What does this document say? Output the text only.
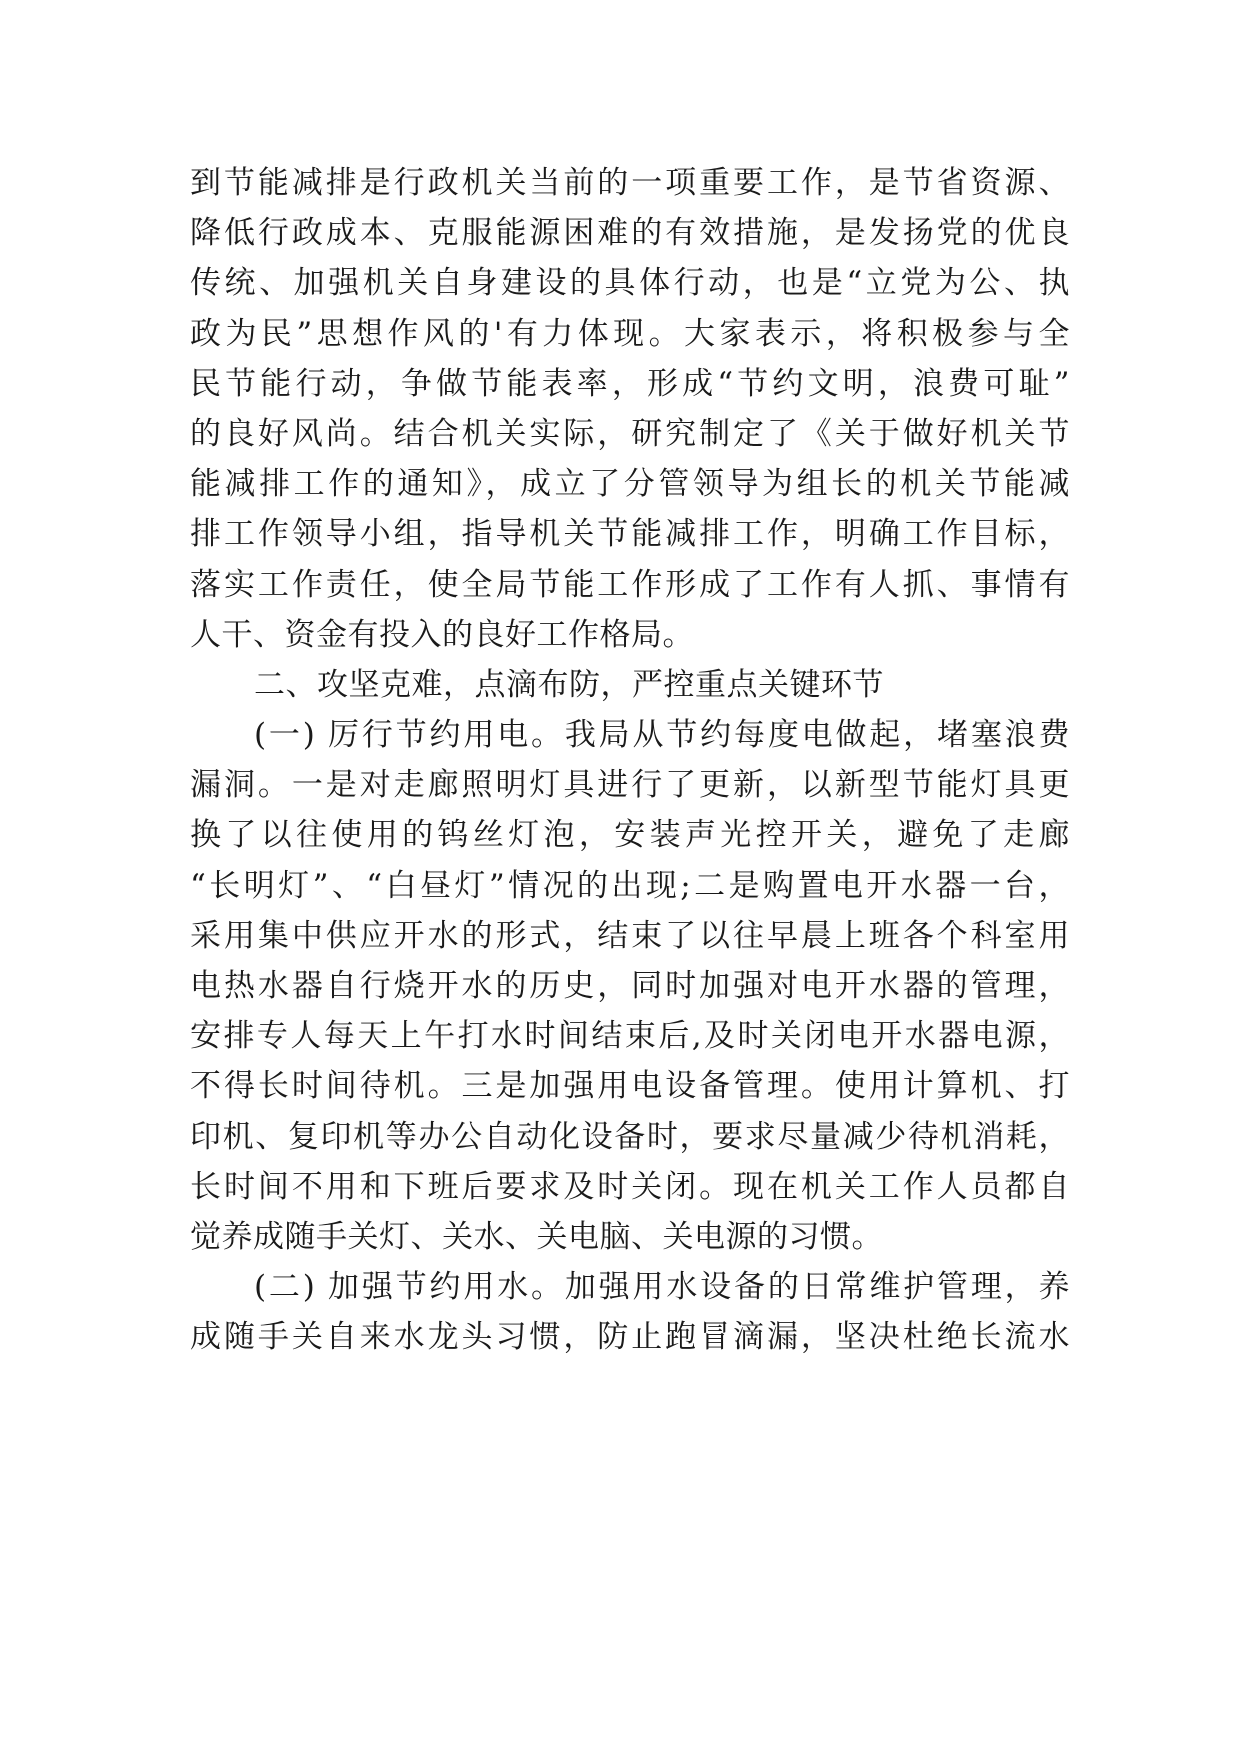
到节能减排是行政机关当前的一项重要工作，是节省资源、
降低行政成本、克服能源困难的有效措施，是发扬党的优良
传统、加强机关自身建设的具体行动，也是“立党为公、执
政为民”思想作风的'有力体现。大家表示，将积极参与全
民节能行动，争做节能表率，形成“节约文明，浪费可耻”
的良好风尚。结合机关实际，研究制定了《关于做好机关节
能减排工作的通知》，成立了分管领导为组长的机关节能减
排工作领导小组，指导机关节能减排工作，明确工作目标，
落实工作责任，使全局节能工作形成了工作有人抓、事情有
人干、资金有投入的良好工作格局。
二、攻坚克难，点滴布防，严控重点关键环节
(一) 厉行节约用电。我局从节约每度电做起，堵塞浪费
漏洞。一是对走廊照明灯具进行了更新，以新型节能灯具更
换了以往使用的钨丝灯泡，安装声光控开关，避免了走廊
“长明灯”、“白昼灯”情况的出现;二是购置电开水器一台，
采用集中供应开水的形式，结束了以往早晨上班各个科室用
电热水器自行烧开水的历史，同时加强对电开水器的管理，
安排专人每天上午打水时间结束后,及时关闭电开水器电源，
不得长时间待机。三是加强用电设备管理。使用计算机、打
印机、复印机等办公自动化设备时，要求尽量减少待机消耗，
长时间不用和下班后要求及时关闭。现在机关工作人员都自
觉养成随手关灯、关水、关电脑、关电源的习惯。
(二) 加强节约用水。加强用水设备的日常维护管理，养
成随手关自来水龙头习惯，防止跑冒滴漏，坚决杜绝长流水
